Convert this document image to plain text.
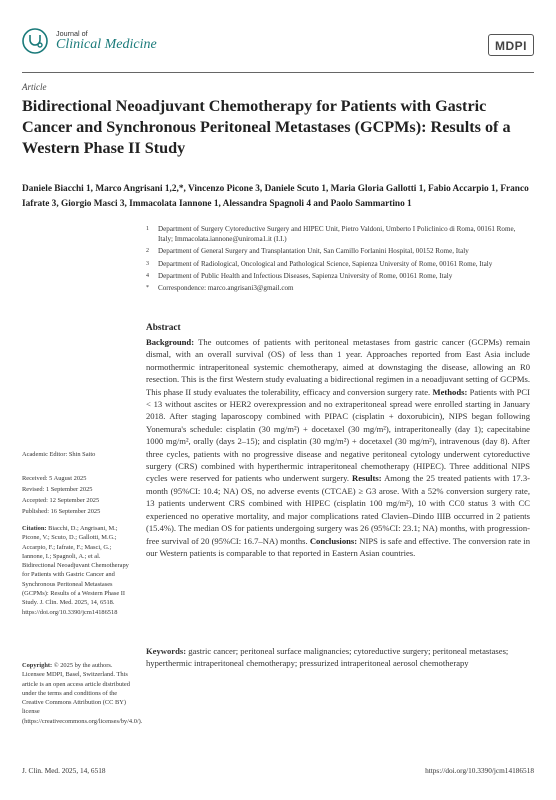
Journal of
Clinical Medicine	MDPI
Article
Bidirectional Neoadjuvant Chemotherapy for Patients with Gastric Cancer and Synchronous Peritoneal Metastases (GCPMs): Results of a Western Phase II Study
Daniele Biacchi 1, Marco Angrisani 1,2,*, Vincenzo Picone 3, Daniele Scuto 1, Maria Gloria Gallotti 1, Fabio Accarpio 1, Franco Iafrate 3, Giorgio Masci 3, Immacolata Iannone 1, Alessandra Spagnoli 4 and Paolo Sammartino 1
1 Department of Surgery Cytoreductive Surgery and HIPEC Unit, Pietro Valdoni, Umberto I Policlinico di Roma, 00161 Rome, Italy; Immacolata.iannone@uniroma1.it (I.I.)
2 Department of General Surgery and Transplantation Unit, San Camillo Forlanini Hospital, 00152 Rome, Italy
3 Department of Radiological, Oncological and Pathological Science, Sapienza University of Rome, 00161 Rome, Italy
4 Department of Public Health and Infectious Diseases, Sapienza University of Rome, 00161 Rome, Italy
* Correspondence: marco.angrisani3@gmail.com
Abstract
Background: The outcomes of patients with peritoneal metastases from gastric cancer (GCPMs) remain dismal, with an overall survival (OS) of less than 1 year. Approaches reported from East Asia include normothermic intraperitoneal systemic chemotherapy, aimed at downstaging the disease, allowing an R0 resection. This is the first Western study evaluating a bidirectional regimen in a neoadjuvant setting of GCPMs. This phase II study evaluates the tolerability, efficacy and conversion surgery rate. Methods: Patients with PCI < 13 without ascites or HER2 overexpression and no extraperitoneal spread were enrolled starting in January 2018. After staging laparoscopy combined with PIPAC (cisplatin + doxorubicin), NIPS began following Yonemura's schedule: cisplatin (30 mg/m²) + docetaxel (30 mg/m²), intraperitoneally (day 1); capecitabine 1000 mg/m², orally (days 2–15); and cisplatin (30 mg/m²) + docetaxel (30 mg/m²), intravenous (day 8). After three cycles, patients with no progressive disease and negative peritoneal cytology underwent cytoreductive surgery (CRS) combined with hyperthermic intraperitoneal chemotherapy (HIPEC). Three additional NIPS cycles were reserved for patients who underwent surgery. Results: Among the 25 treated patients with 17.3-month (95%CI: 10.4; NA) OS, no adverse events (CTCAE) ≥ G3 arose. With a 52% conversion surgery rate, 13 patients underwent CRS combined with HIPEC (cisplatin 100 mg/m²), 10 with CC0 status 3 with CC experienced no operative mortality, and major complications rated Clavien–Dindo IIIB occurred in 2 patients (15.4%). The median OS for patients undergoing surgery was 26 (95%CI: 23.1; NA) months, with progression-free survival of 20 (95%CI: 16.7–NA) months. Conclusions: NIPS is safe and effective. The conversion rate in our Western patients is comparable to that reported in Eastern Asian countries.
Keywords: gastric cancer; peritoneal surface malignancies; cytoreductive surgery; peritoneal metastases; hyperthermic intraperitoneal chemotherapy; pressurized intraperitoneal aerosol chemotherapy
Academic Editor: Shin Saito
Received: 5 August 2025
Revised: 1 September 2025
Accepted: 12 September 2025
Published: 16 September 2025
Citation: Biacchi, D.; Angrisani, M.; Picone, V.; Scuto, D.; Gallotti, M.G.; Accarpio, F.; Iafrate, F.; Masci, G.; Iannone, I.; Spagnoli, A.; et al. Bidirectional Neoadjuvant Chemotherapy for Patients with Gastric Cancer and Synchronous Peritoneal Metastases (GCPMs): Results of a Western Phase II Study. J. Clin. Med. 2025, 14, 6518. https://doi.org/10.3390/jcm14186518
Copyright: © 2025 by the authors. Licensee MDPI, Basel, Switzerland. This article is an open access article distributed under the terms and conditions of the Creative Commons Attribution (CC BY) license (https://creativecommons.org/licenses/by/4.0/).
J. Clin. Med. 2025, 14, 6518	https://doi.org/10.3390/jcm14186518
